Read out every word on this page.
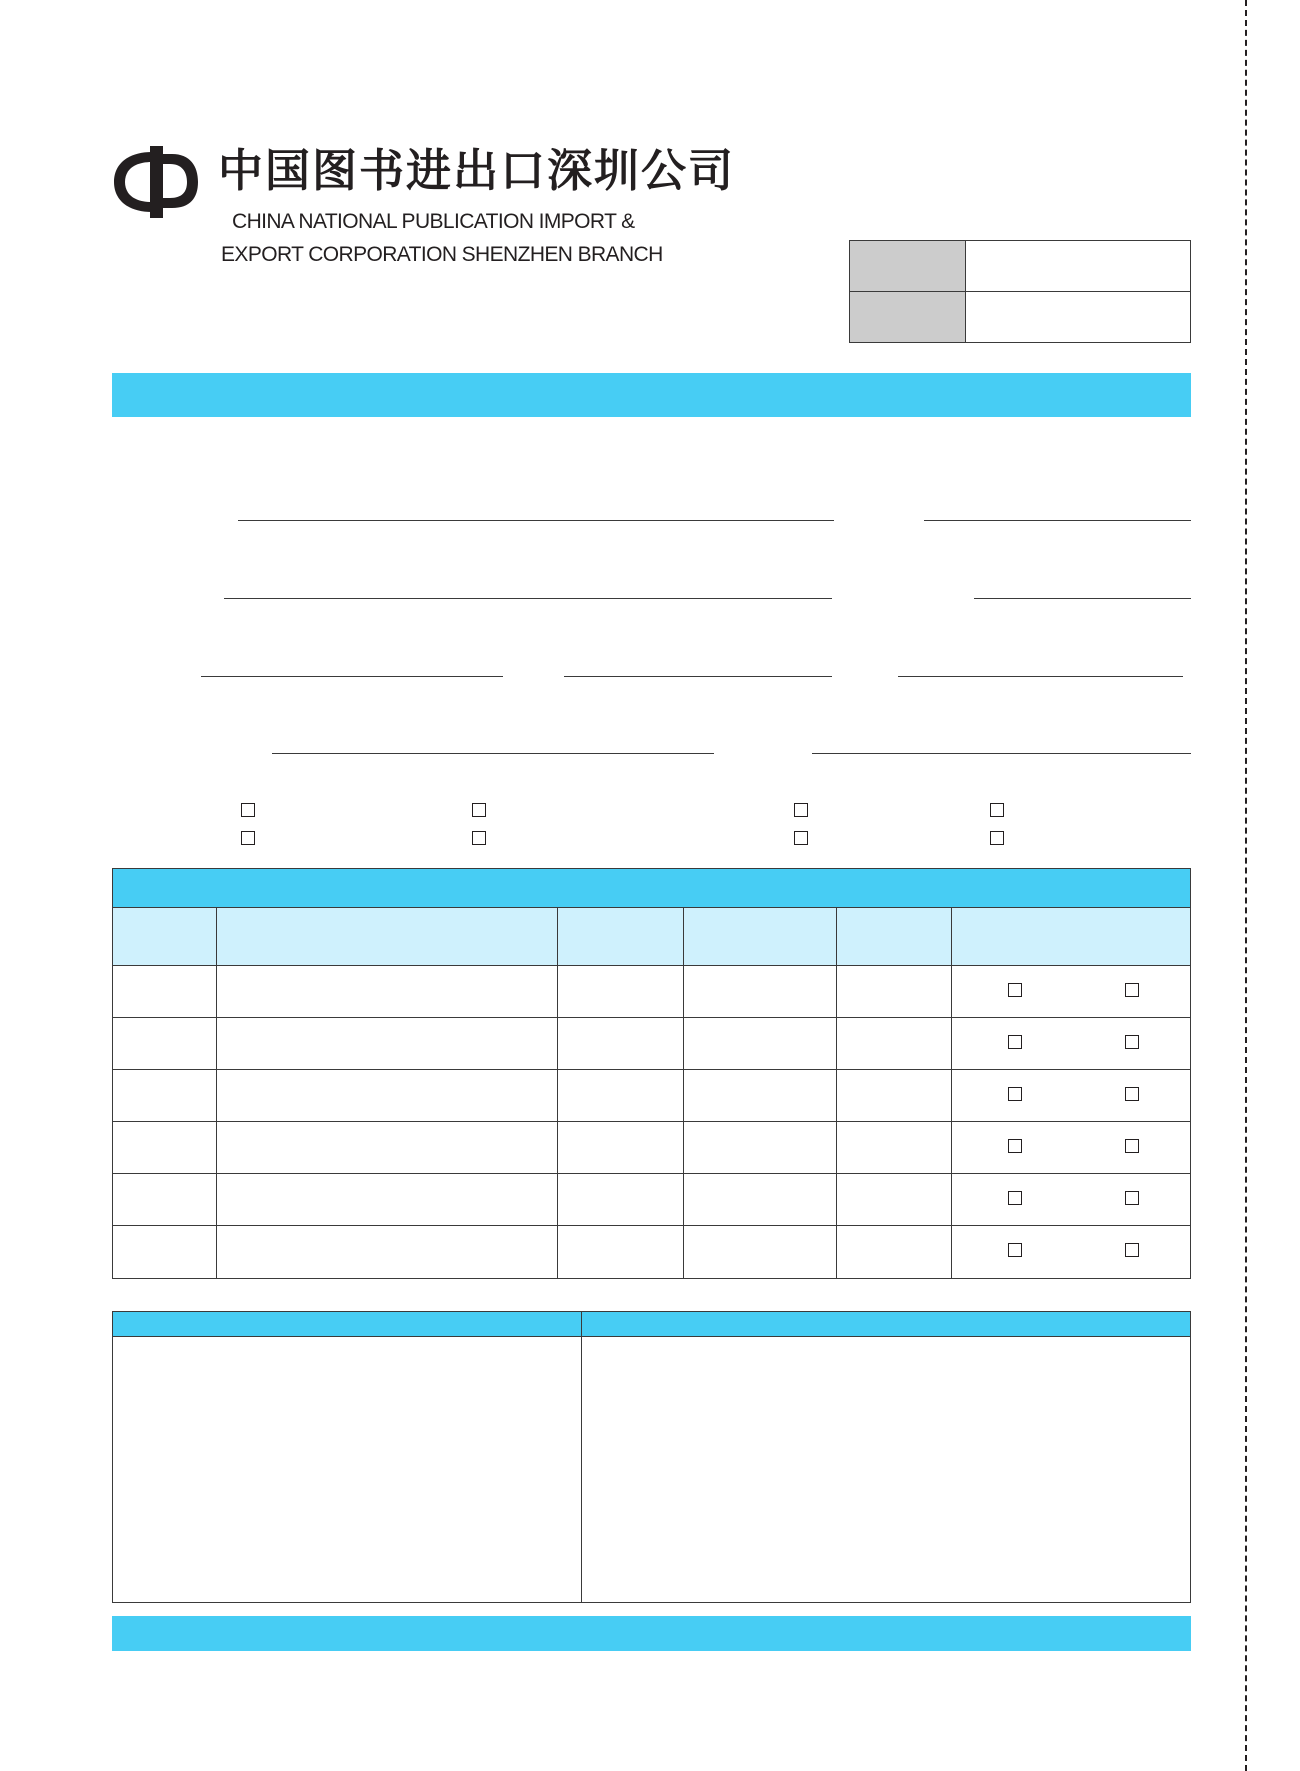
中国图书进出口深圳公司
CHINA NATIONAL PUBLICATION IMPORT &
EXPORT CORPORATION SHENZHEN BRANCH
